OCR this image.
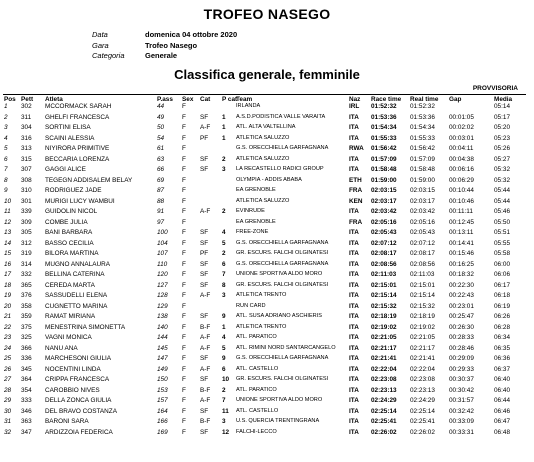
TROFEO NASEGO
Data	domenica 04 ottobre 2020
Gara	Trofeo Nasego
Categoria	Generale
Classifica generale, femminile
PROVVISORIA
Pos	Pett	Atleta	P.ass	Sex	Cat	P cat	Team	Naz	Race time	Real time	Gap	Media
1	302	MCCORMACK SARAH	44	F			IRLANDA	IRL	01:52:32	01:52:32		05:14
2	311	GHELFI FRANCESCA	49	F	SF	1	A.S.D.PODISTICA VALLE VARAITA	ITA	01:53:36	01:53:36	00:01:05	05:17
3	304	SORTINI ELISA	50	F	A-F	1	ATL. ALTA VALTELLINA	ITA	01:54:34	01:54:34	00:02:02	05:20
4	316	SCAINI ALESSIA	54	F	PF	1	ATLETICA SALUZZO	ITA	01:55:33	01:55:33	00:03:01	05:23
5	313	NIYIRORA PRIMITIVE	61	F			G.S. ORECCHIELLA GARFAGNANA	RWA	01:56:42	01:56:42	00:04:11	05:26
6	315	BECCARIA LORENZA	63	F	SF	2	ATLETICA SALUZZO	ITA	01:57:09	01:57:09	00:04:38	05:27
7	307	GAGGI ALICE	66	F	SF	3	LA RECASTELLO RADICI GROUP	ITA	01:58:48	01:58:48	00:06:16	05:32
8	308	TEGEGN ADDISALEM BELAY	69	F			OLYMPIA - ADDIS ABABA	ETH	01:59:00	01:59:00	00:06:29	05:32
9	310	RODRIGUEZ JADE	87	F			EA GRENOBLE	FRA	02:03:15	02:03:15	00:10:44	05:44
10	301	MURIGI LUCY WAMBUI	88	F			ATLETICA SALUZZO	KEN	02:03:17	02:03:17	00:10:46	05:44
11	339	GUIDOLIN NICOL	91	F	A-F	2	EVINRUDE	ITA	02:03:42	02:03:42	00:11:11	05:46
12	309	COMBE JULIA	97	F			EA GRENOBLE	FRA	02:05:16	02:05:16	00:12:45	05:50
13	305	BANI BARBARA	100	F	SF	4	FREE-ZONE	ITA	02:05:43	02:05:43	00:13:11	05:51
14	312	BASSO CECILIA	104	F	SF	5	G.S. ORECCHIELLA GARFAGNANA	ITA	02:07:12	02:07:12	00:14:41	05:55
15	319	BILORA MARTINA	107	F	PF	2	GR. ESCURS. FALCHI OLGINATESI	ITA	02:08:17	02:08:17	00:15:46	05:58
16	314	MUGNO ANNALAURA	110	F	SF	6	G.S. ORECCHIELLA GARFAGNANA	ITA	02:08:56	02:08:56	00:16:25	06:00
17	332	BELLINA CATERINA	120	F	SF	7	UNIONE SPORTIVA ALDO MORO	ITA	02:11:03	02:11:03	00:18:32	06:06
18	365	CEREDA MARTA	127	F	SF	8	GR. ESCURS. FALCHI OLGINATESI	ITA	02:15:01	02:15:01	00:22:30	06:17
19	376	SASSUDELLI ELENA	128	F	A-F	3	ATLETICA TRENTO	ITA	02:15:14	02:15:14	00:22:43	06:18
20	358	CUGNETTO MARINA	129	F			RUN CARD	ITA	02:15:32	02:15:32	00:23:01	06:19
21	359	RAMAT MIRIANA	138	F	SF	9	ATL. SUSA ADRIANO ASCHIERIS	ITA	02:18:19	02:18:19	00:25:47	06:26
22	375	MENESTRINA SIMONETTA	140	F	B-F	1	ATLETICA TRENTO	ITA	02:19:02	02:19:02	00:26:30	06:28
23	325	VAGNI MONICA	144	F	A-F	4	ATL. PARATICO	ITA	02:21:05	02:21:05	00:28:33	06:34
24	366	NANU ANA	145	F	A-F	5	ATL. RIMINI NORD SANTARCANGELO	ITA	02:21:17	02:21:17	00:28:46	06:35
25	336	MARCHESONI GIULIA	147	F	SF	9	G.S. ORECCHIELLA GARFAGNANA	ITA	02:21:41	02:21:41	00:29:09	06:36
26	345	NOCENTINI LINDA	149	F	A-F	6	ATL. CASTELLO	ITA	02:22:04	02:22:04	00:29:33	06:37
27	364	CRIPPA FRANCESCA	150	F	SF	10	GR. ESCURS. FALCHI OLGINATESI	ITA	02:23:08	02:23:08	00:30:37	06:40
28	354	CAROBBIO NIVES	153	F	B-F	2	ATL. PARATICO	ITA	02:23:13	02:23:13	00:30:42	06:40
29	333	DELLA ZONCA GIULIA	157	F	A-F	7	UNIONE SPORTIVA ALDO MORO	ITA	02:24:29	02:24:29	00:31:57	06:44
30	346	DEL BRAVO COSTANZA	164	F	SF	11	ATL. CASTELLO	ITA	02:25:14	02:25:14	00:32:42	06:46
31	363	BARONI SARA	166	F	B-F	3	U.S. QUERCIA TRENTINGRANA	ITA	02:25:41	02:25:41	00:33:09	06:47
32	347	ARDIZZOIA FEDERICA	169	F	SF	12	FALCHI-LECCO	ITA	02:26:02	02:26:02	00:33:31	06:48
